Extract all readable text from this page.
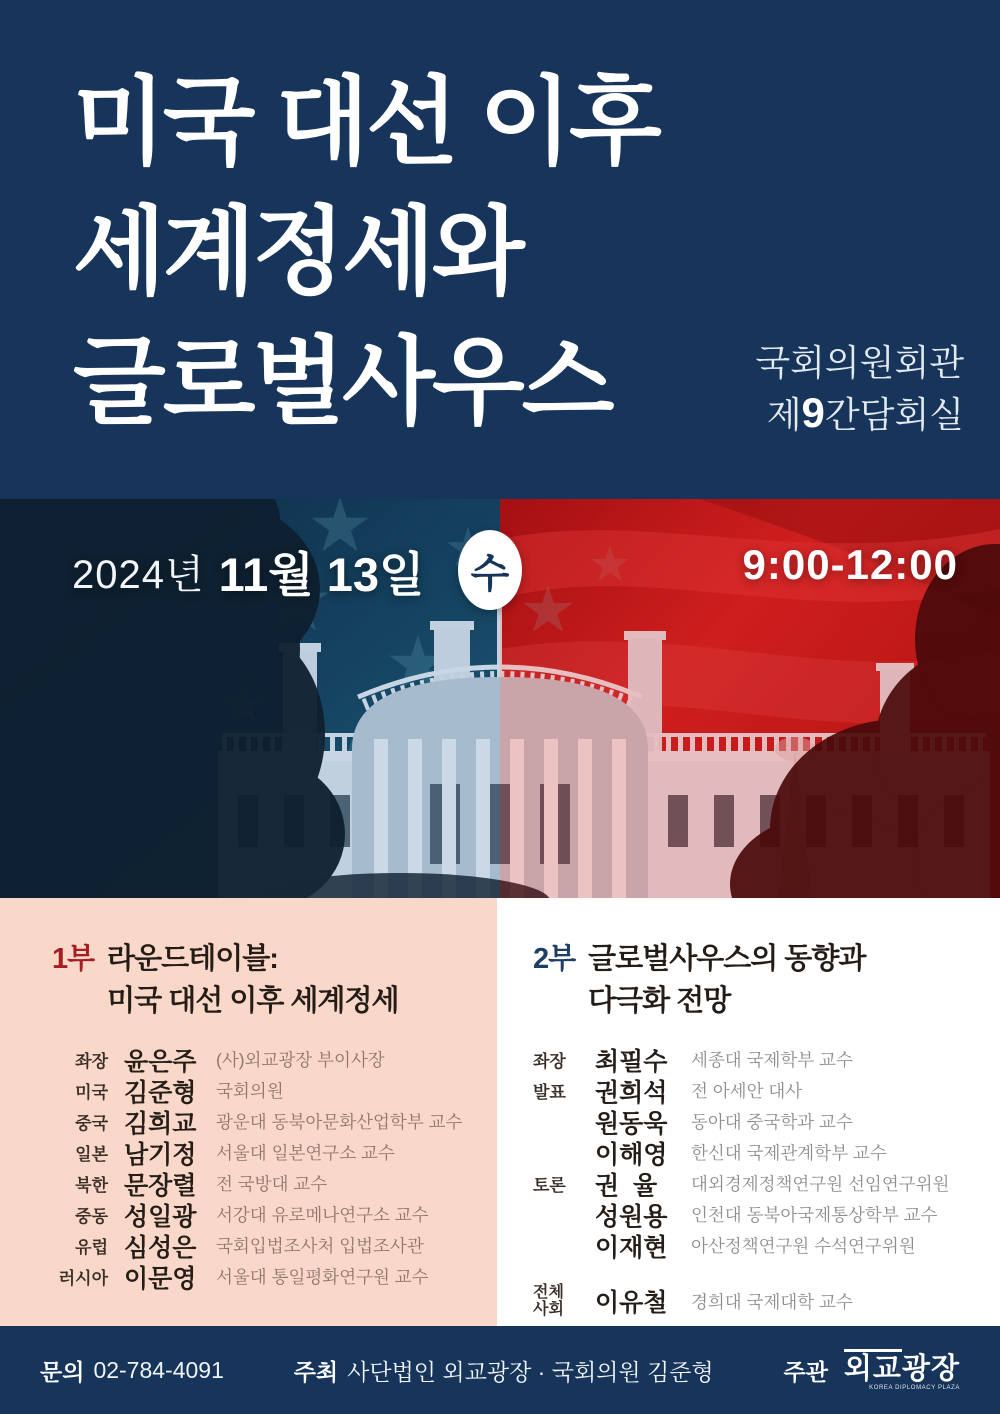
미국 대선 이후
세계정세와
글로벌사우스	국회의원회관
제9간담회실
2024년 11월 13일 수	9:00-12:00
1부 라운드테이블:
미국 대선 이후 세계정세
좌장 윤은주	(사)외교광장 부이사장
미국 김준형	국회의원
중국 김희교	광운대 동북아문화산업학부 교수
일본 남기정	서울대 일본연구소 교수
북한 문장렬	전 국방대 교수
중동 성일광	서강대 유로메나연구소 교수
유럽 심성은	국회입법조사처 입법조사관
러시아 이문영	서울대 통일평화연구원 교수
2부 글로벌사우스의 동향과
다극화 전망
좌장	최필수	세종대 국제학부 교수
발표	권희석	전 아세안 대사
원동욱	동아대 중국학과 교수
이해영	한신대 국제관계학부 교수
토론	권  율	대외경제정책연구원 선임연구위원
성원용	인천대 동북아국제통상학부 교수
이재현	아산정책연구원 수석연구위원
전체 사회	이유철	경희대 국제대학 교수
문의 02-784-4091	주최 사단법인 외교광장 · 국회의원 김준형	주관 외교광장
KOREA DIPLOMACY PLAZA
